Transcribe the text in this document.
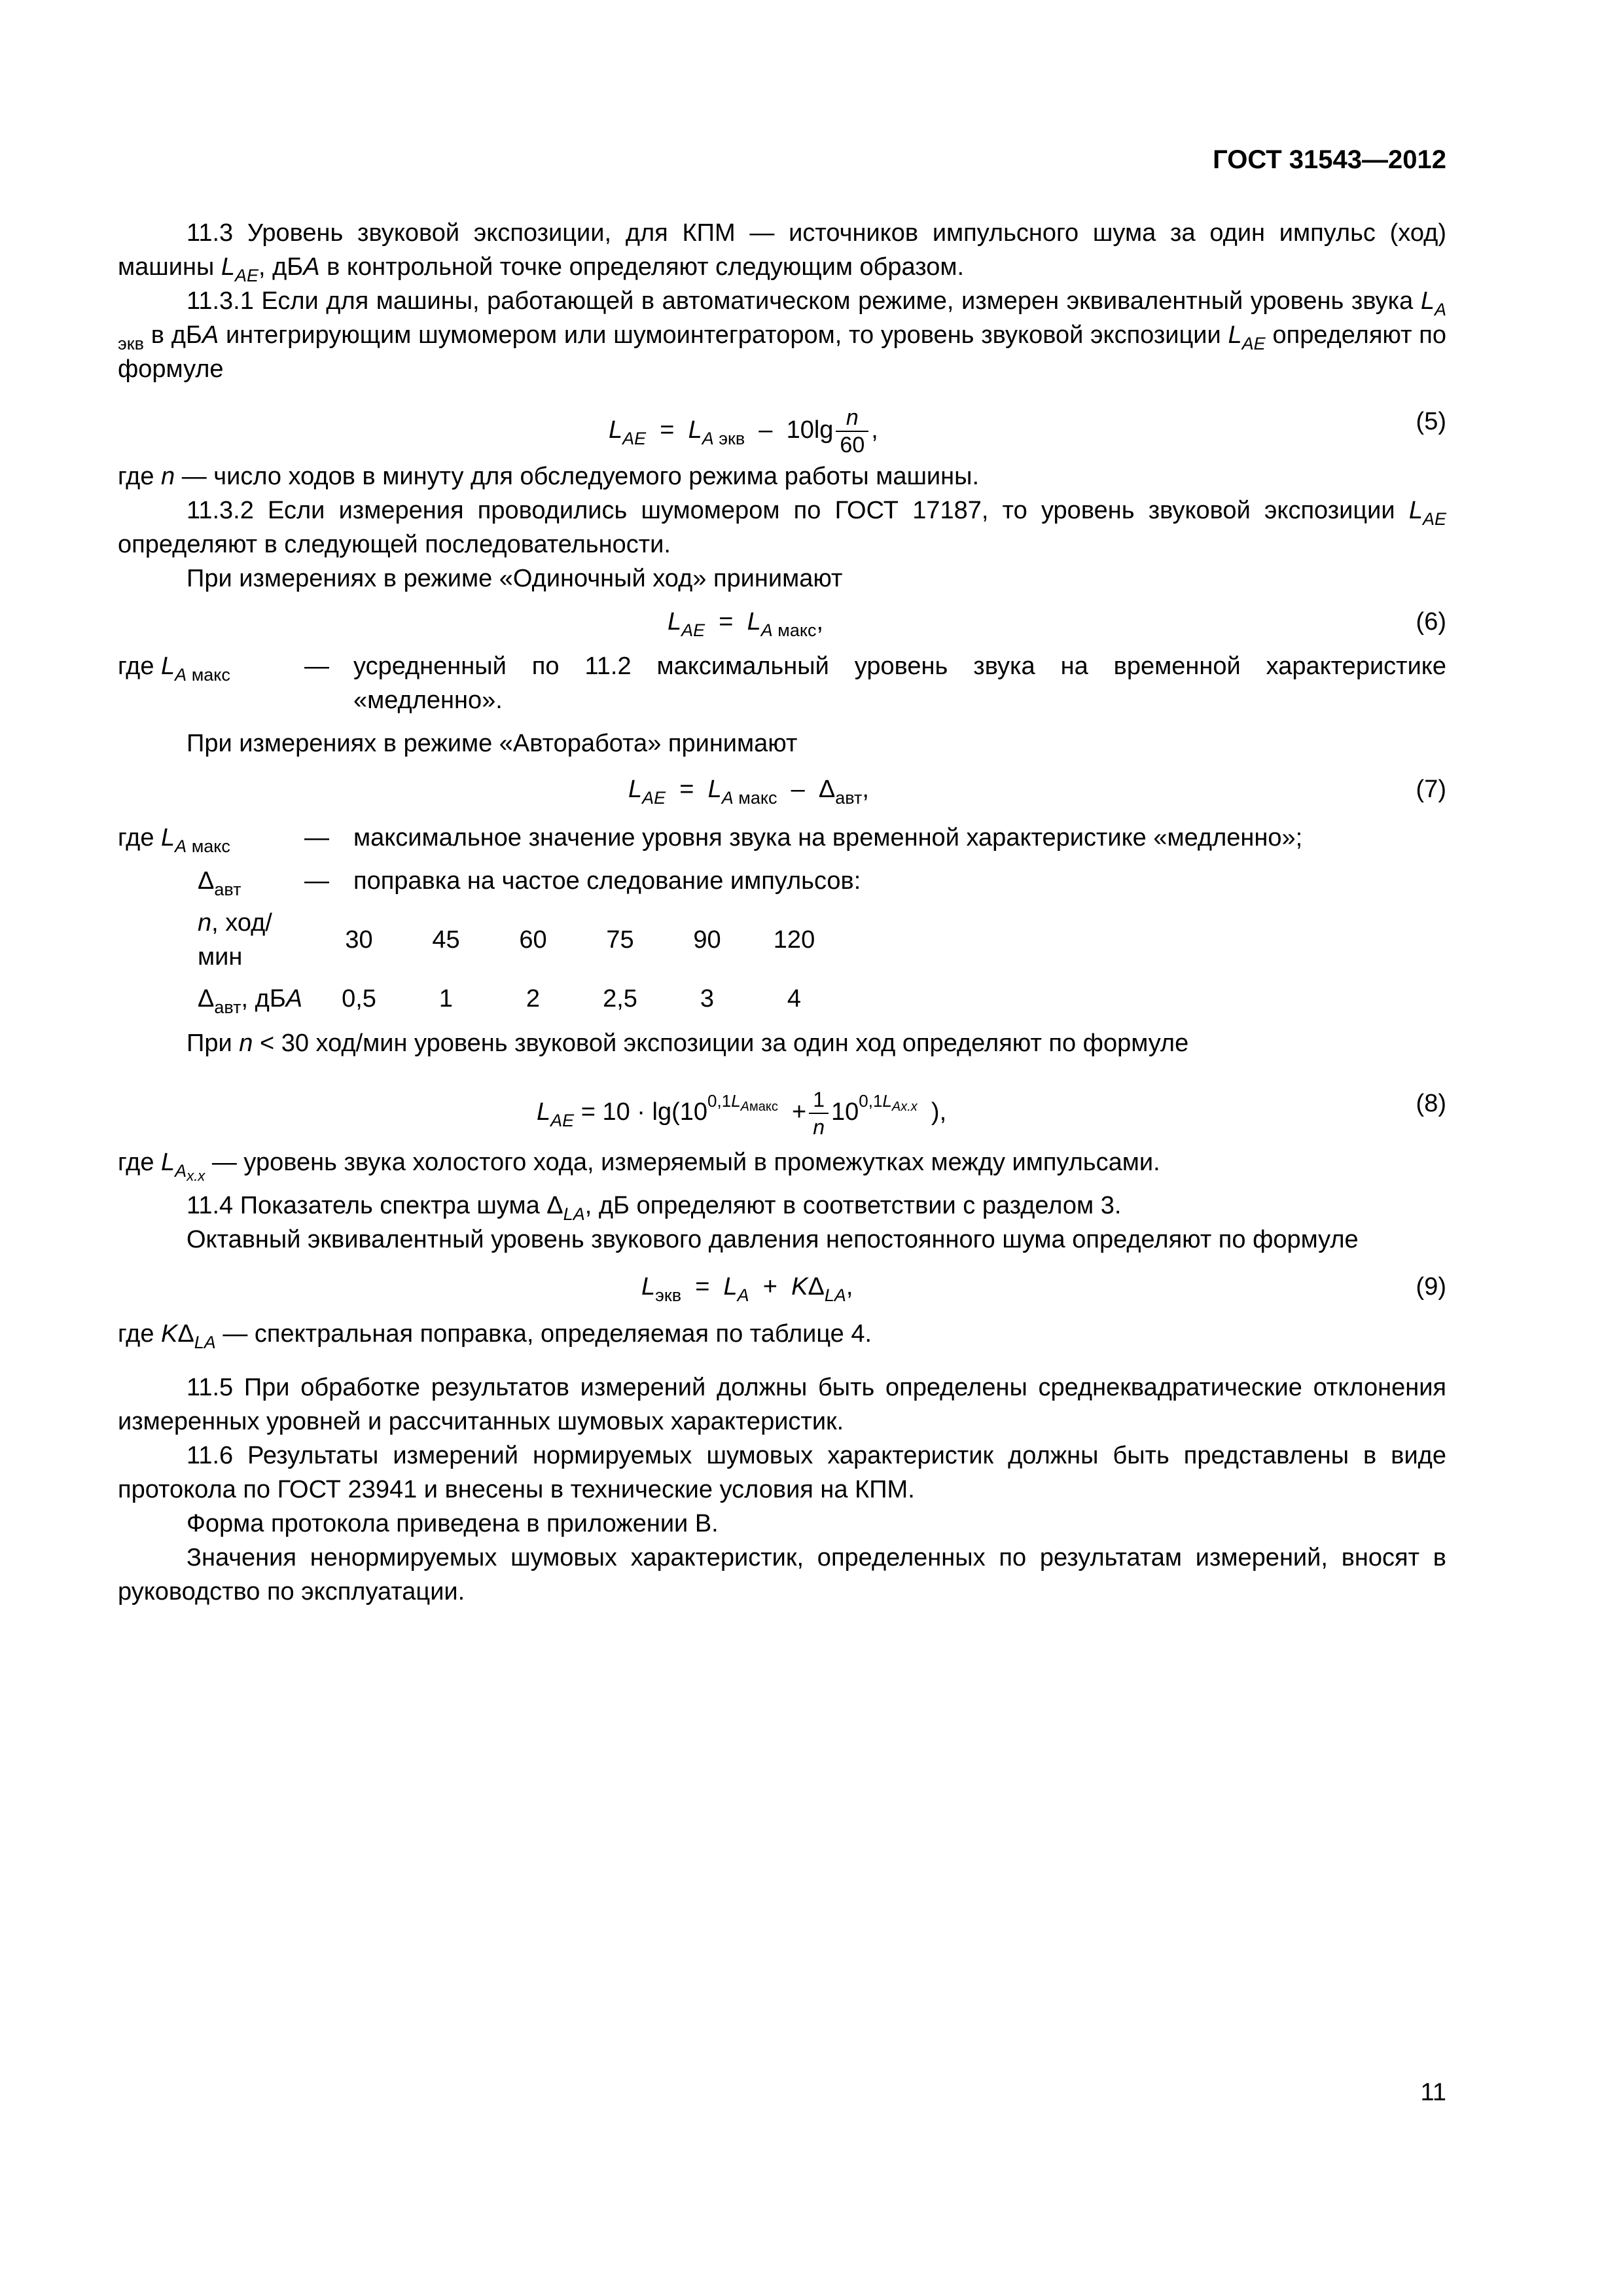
ГОСТ 31543—2012

11.3 Уровень звуковой экспозиции, для КПМ — источников импульсного шума за один импульс (ход) машины $L_{AE}$, дБА в контрольной точке определяют следующим образом.

11.3.1 Если для машины, работающей в автоматическом режиме, измерен эквивалентный уровень звука $L_{A экв}$ в дБА интегрирующим шумомером или шумоинтегратором, то уровень звуковой экспозиции $L_{AE}$ определяют по формуле

$L_{AE} = L_{A экв} - 10\lg \frac{n}{60}$ ,	(5)

где n — число ходов в минуту для обследуемого режима работы машины.

11.3.2 Если измерения проводились шумомером по ГОСТ 17187, то уровень звуковой экспозиции $L_{AE}$ определяют в следующей последовательности.

При измерениях в режиме «Одиночный ход» принимают

$L_{AE} = L_{A макс}$,	(6)
где $L_{A макс}$	— усредненный по 11.2 максимальный уровень звука на временной характеристике «медленно».

При измерениях в режиме «Авторабота» принимают

$L_{AE} = L_{A макс} - \Delta_{авт}$,	(7)
где $L_{A макс}$	— максимальное значение уровня звука на временной характеристике «медленно»;
$\Delta_{авт}$	— поправка на частое следование импульсов:
n, ход/мин	30	45	60	75	90	120
$\Delta_{авт}$, дБА	0,5	1	2	2,5	3	4

При n < 30 ход/мин уровень звуковой экспозиции за один ход определяют по формуле

$L_{AE} = 10 \cdot \lg(10^{0,1L_{Aмакс}} + \frac{1}{n} 10^{0,1L_{Aх.х}}$ ),	(8)

где $L_{A_{х.х}}$ — уровень звука холостого хода, измеряемый в промежутках между импульсами.

11.4 Показатель спектра шума $\Delta_{LA}$, дБ определяют в соответствии с разделом 3.

Октавный эквивалентный уровень звукового давления непостоянного шума определяют по формуле

$L_{экв} = L_A + K\Delta_{LA}$,	(9)

где $K\Delta_{LA}$ — спектральная поправка, определяемая по таблице 4.

11.5 При обработке результатов измерений должны быть определены среднеквадратические отклонения измеренных уровней и рассчитанных шумовых характеристик.

11.6 Результаты измерений нормируемых шумовых характеристик должны быть представлены в виде протокола по ГОСТ 23941 и внесены в технические условия на КПМ.

Форма протокола приведена в приложении В.

Значения ненормируемых шумовых характеристик, определенных по результатам измерений, вносят в руководство по эксплуатации.

11
